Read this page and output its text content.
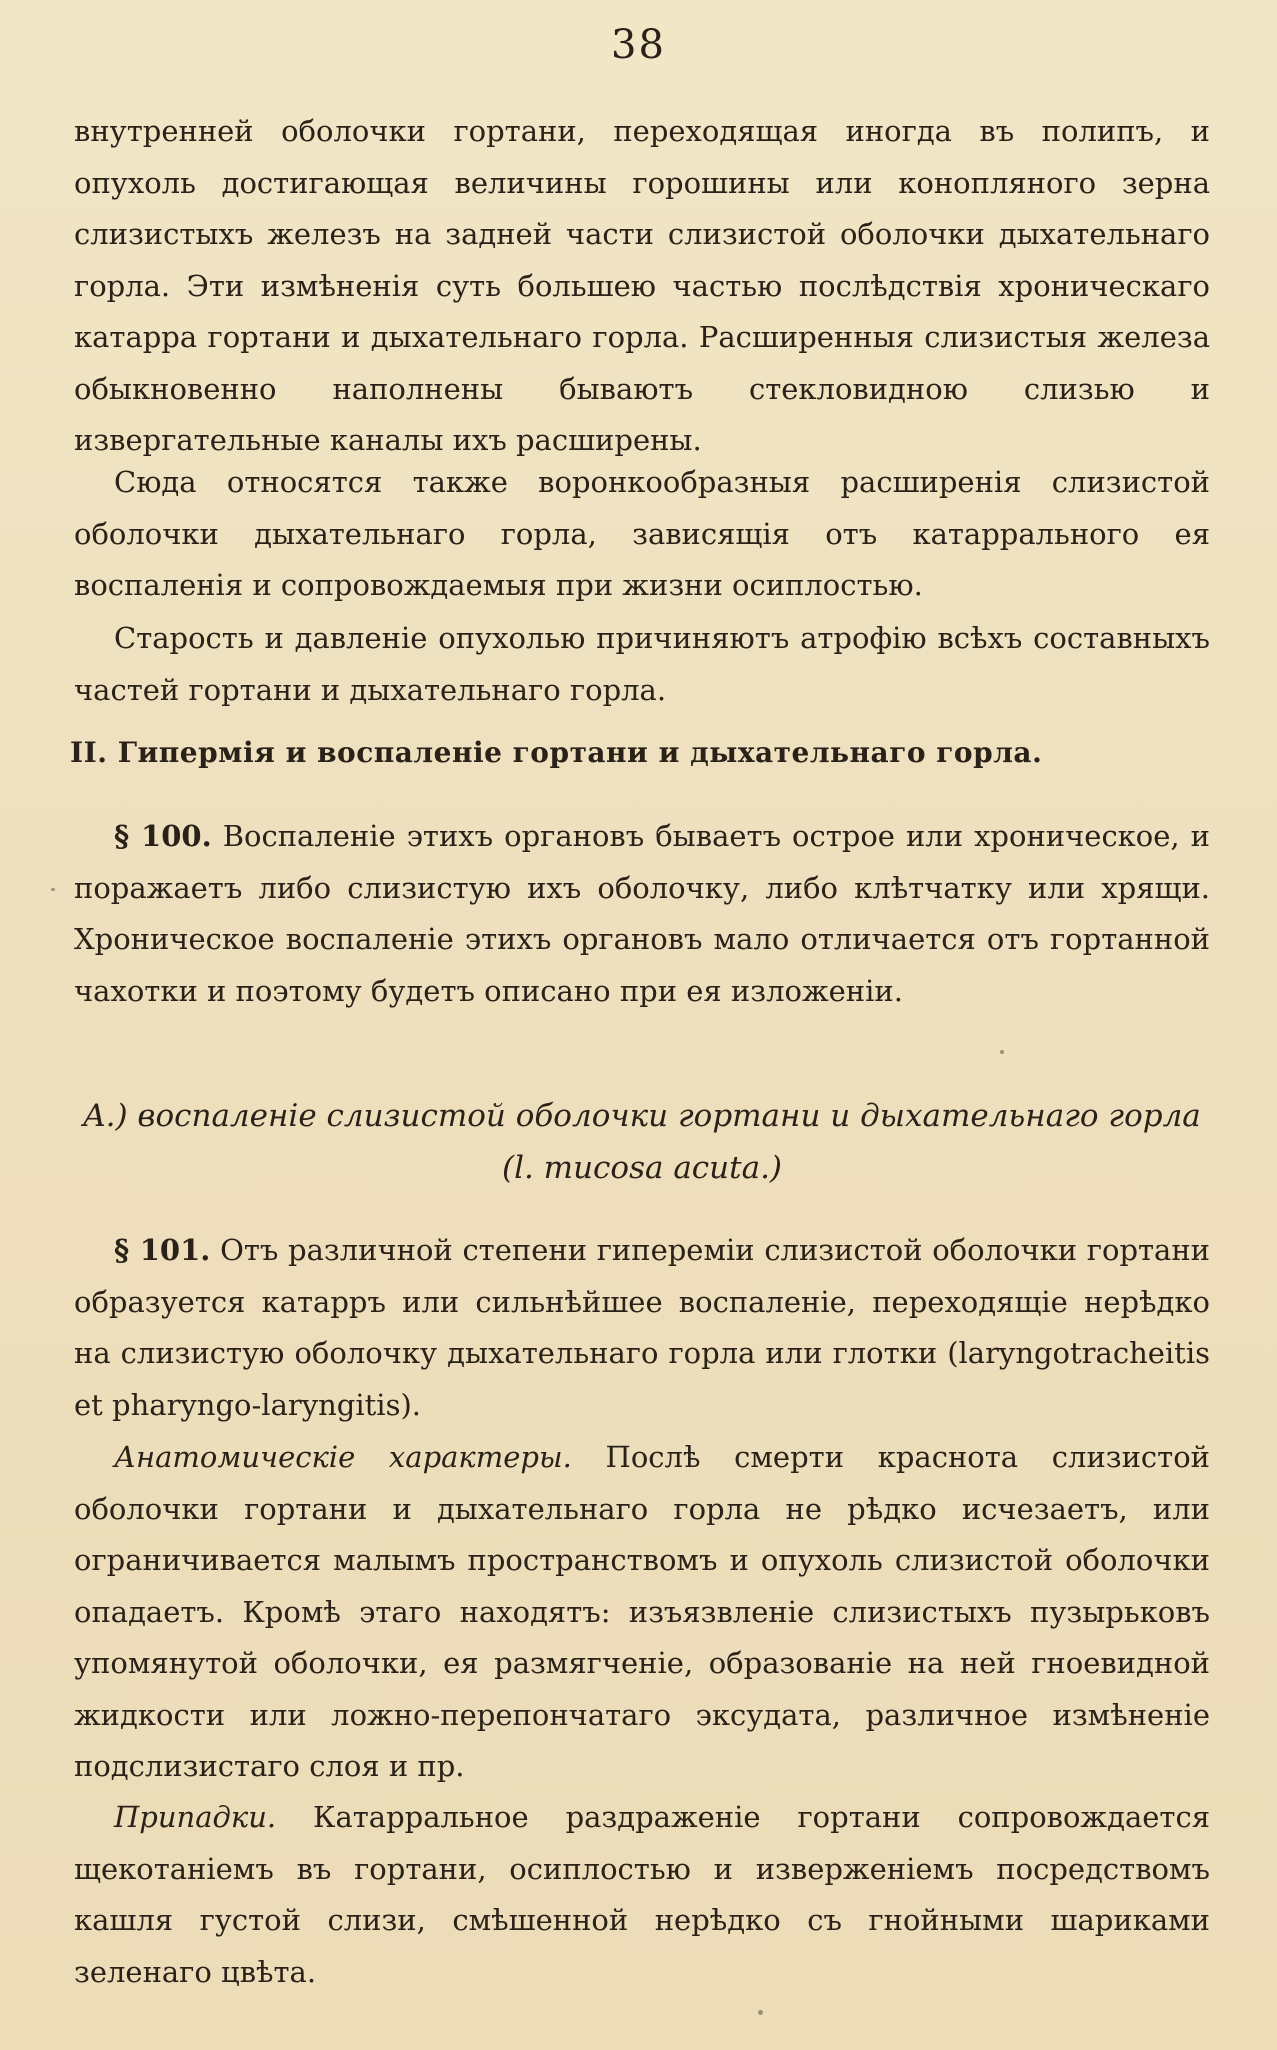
38

внутренней оболочки гортани, переходящая иногда въ полипъ, и опухоль достигающая величины горошины или конопляного зерна слизистыхъ железъ на задней части слизистой оболочки дыхательнаго горла. Эти измѣненія суть большею частью послѣдствія хроническаго катарра гортани и дыхательнаго горла. Расширенныя слизистыя железа обыкновенно наполнены бываютъ стекловидною слизью и извергательные каналы ихъ расширены.

Сюда относятся также воронкообразныя расширенія слизистой оболочки дыхательнаго горла, зависящія отъ катаррального ея воспаленія и сопровождаемыя при жизни осиплостью.

Старость и давленіе опухолью причиняютъ атрофію всѣхъ составныхъ частей гортани и дыхательнаго горла.

II. Гипермія и воспаленіе гортани и дыхательнаго горла.

§ 100. Воспаленіе этихъ органовъ бываетъ острое или хроническое, и поражаетъ либо слизистую ихъ оболочку, либо клѣтчатку или хрящи. Хроническое воспаленіе этихъ органовъ мало отличается отъ гортанной чахотки и поэтому будетъ описано при ея изложеніи.

A.) воспаленіе слизистой оболочки гортани и дыхательнаго горла (l. mucosa acuta.)

§ 101. Отъ различной степени гипереміи слизистой оболочки гортани образуется катарръ или сильнѣйшее воспаленіе, переходящіе нерѣдко на слизистую оболочку дыхательнаго горла или глотки (laryngotracheitis et pharyngo-laryngitis).

Анатомическіе характеры. Послѣ смерти краснота слизистой оболочки гортани и дыхательнаго горла не рѣдко исчезаетъ, или ограничивается малымъ пространствомъ и опухоль слизистой оболочки опадаетъ. Кромѣ этаго находятъ: изъязвленіе слизистыхъ пузырьковъ упомянутой оболочки, ея размягченіе, образованіе на ней гноевидной жидкости или ложно-перепончатаго эксудата, различное измѣненіе подслизистаго слоя и пр.

Припадки. Катарральное раздраженіе гортани сопровождается щекотаніемъ въ гортани, осиплостью и изверженіемъ посредствомъ кашля густой слизи, смѣшенной нерѣдко съ гнойными шариками зеленаго цвѣта.
